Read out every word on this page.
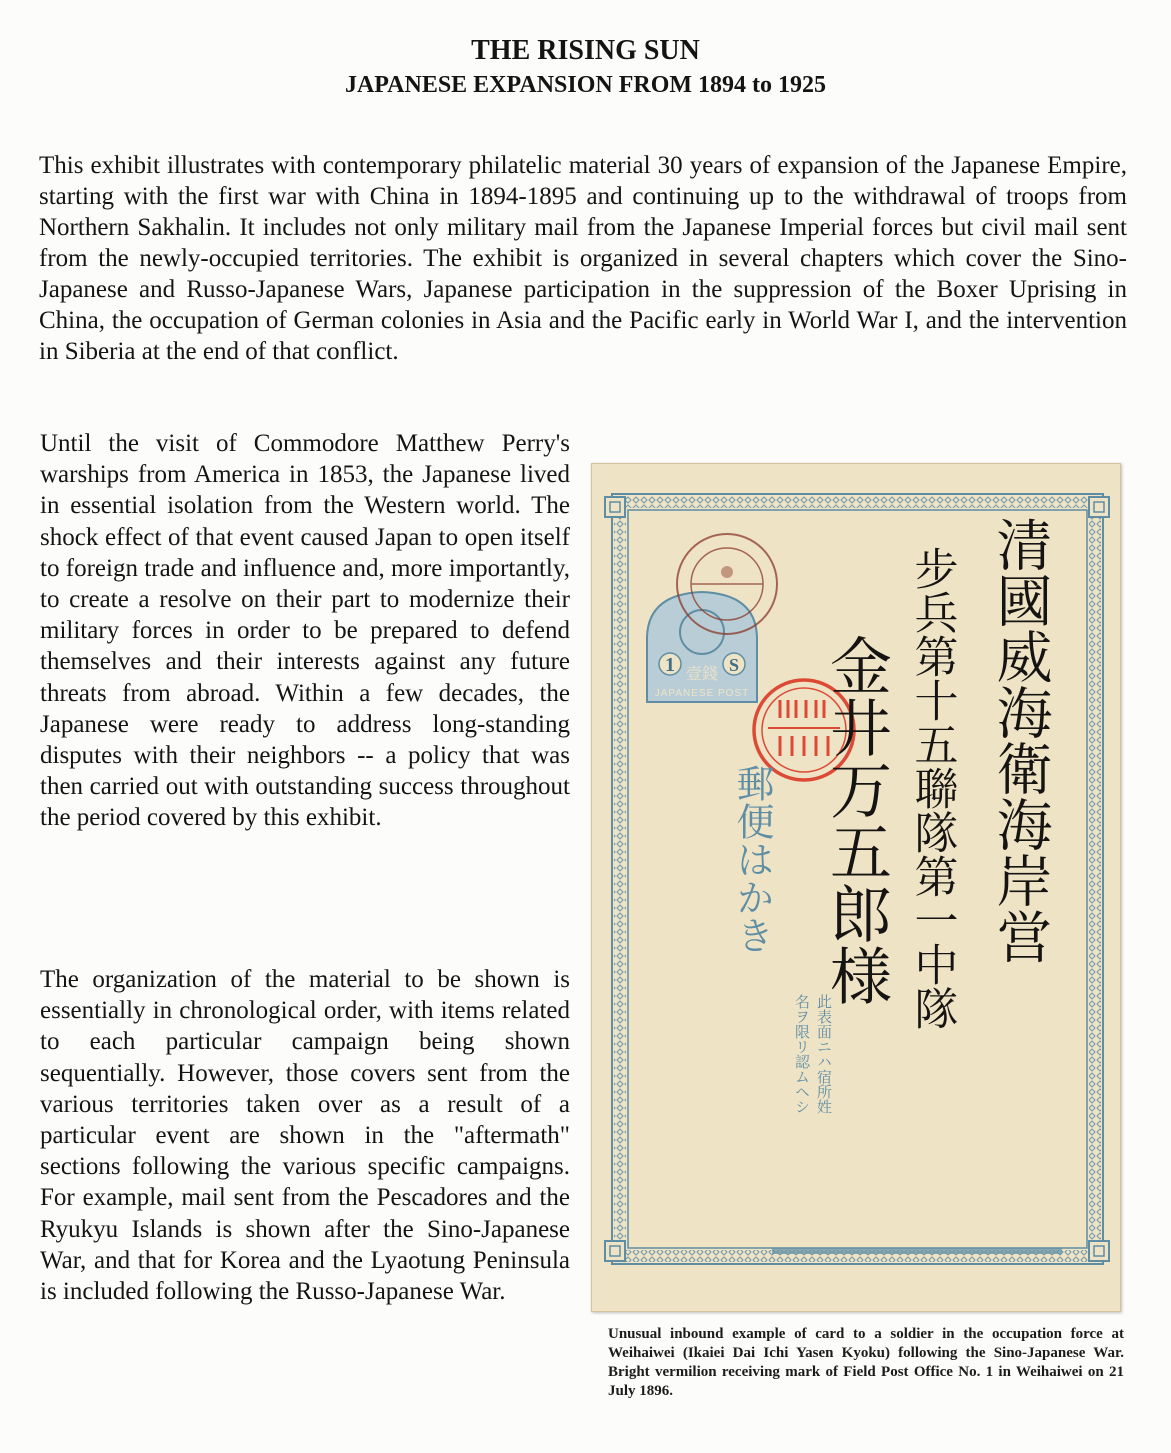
THE RISING SUN
JAPANESE EXPANSION FROM 1894 to 1925

This exhibit illustrates with contemporary philatelic material 30 years of expansion of the Japanese Empire, starting with the first war with China in 1894-1895 and continuing up to the withdrawal of troops from Northern Sakhalin. It includes not only military mail from the Japanese Imperial forces but civil mail sent from the newly-occupied territories. The exhibit is organized in several chapters which cover the Sino-Japanese and Russo-Japanese Wars, Japanese participation in the suppression of the Boxer Uprising in China, the occupation of German colonies in Asia and the Pacific early in World War I, and the intervention in Siberia at the end of that conflict.

Until the visit of Commodore Matthew Perry's warships from America in 1853, the Japanese lived in essential isolation from the Western world. The shock effect of that event caused Japan to open itself to foreign trade and influence and, more importantly, to create a resolve on their part to modernize their military forces in order to be prepared to defend themselves and their interests against any future threats from abroad. Within a few decades, the Japanese were ready to address long-standing disputes with their neighbors -- a policy that was then carried out with outstanding success throughout the period covered by this exhibit.

The organization of the material to be shown is essentially in chronological order, with items related to each particular campaign being shown sequentially. However, those covers sent from the various territories taken over as a result of a particular event are shown in the "aftermath" sections following the various specific campaigns. For example, mail sent from the Pescadores and the Ryukyu Islands is shown after the Sino-Japanese War, and that for Korea and the Lyaotung Peninsula is included following the Russo-Japanese War.

1	S
壹錢
JAPANESE POST
郵便はかき
此表面ニハ宿所姓
名ヲ限リ認ムヘシ
清國威海衛海岸営
步兵第十五聯隊第一中隊
金井万五郎様

Unusual inbound example of card to a soldier in the occupation force at Weihaiwei (Ikaiei Dai Ichi Yasen Kyoku) following the Sino-Japanese War. Bright vermilion receiving mark of Field Post Office No. 1 in Weihaiwei on 21 July 1896.
